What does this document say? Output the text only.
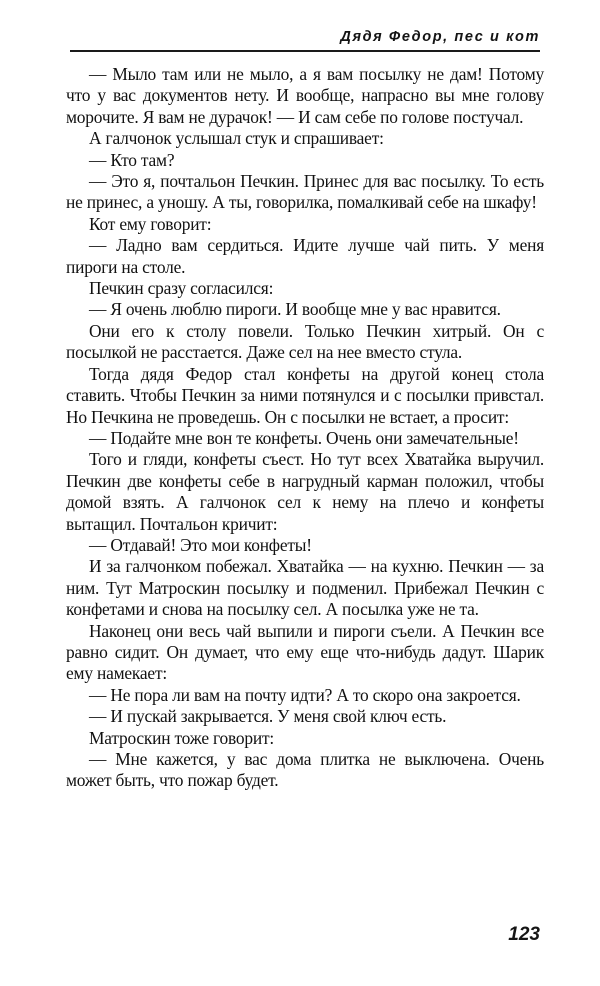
Дядя Федор, пес и кот

— Мыло там или не мыло, а я вам посылку не дам! Потому что у вас документов нету. И вообще, напрасно вы мне голову морочите. Я вам не дурачок! — И сам себе по голове постучал.

А галчонок услышал стук и спрашивает:

— Кто там?

— Это я, почтальон Печкин. Принес для вас посылку. То есть не принес, а уношу. А ты, говорилка, помалкивай себе на шкафу!

Кот ему говорит:

— Ладно вам сердиться. Идите лучше чай пить. У меня пироги на столе.

Печкин сразу согласился:

— Я очень люблю пироги. И вообще мне у вас нравится.

Они его к столу повели. Только Печкин хитрый. Он с посылкой не расстается. Даже сел на нее вместо стула.

Тогда дядя Федор стал конфеты на другой конец стола ставить. Чтобы Печкин за ними потянулся и с посылки привстал. Но Печкина не проведешь. Он с посылки не встает, а просит:

— Подайте мне вон те конфеты. Очень они замечательные!

Того и гляди, конфеты съест. Но тут всех Хватайка выручил. Печкин две конфеты себе в нагрудный карман положил, чтобы домой взять. А галчонок сел к нему на плечо и конфеты вытащил. Почтальон кричит:

— Отдавай! Это мои конфеты!

И за галчонком побежал. Хватайка — на кухню. Печкин — за ним. Тут Матроскин посылку и подменил. Прибежал Печкин с конфетами и снова на посылку сел. А посылка уже не та.

Наконец они весь чай выпили и пироги съели. А Печкин все равно сидит. Он думает, что ему еще что-нибудь дадут. Шарик ему намекает:

— Не пора ли вам на почту идти? А то скоро она закроется.

— И пускай закрывается. У меня свой ключ есть.

Матроскин тоже говорит:

— Мне кажется, у вас дома плитка не выключена. Очень может быть, что пожар будет.

123
